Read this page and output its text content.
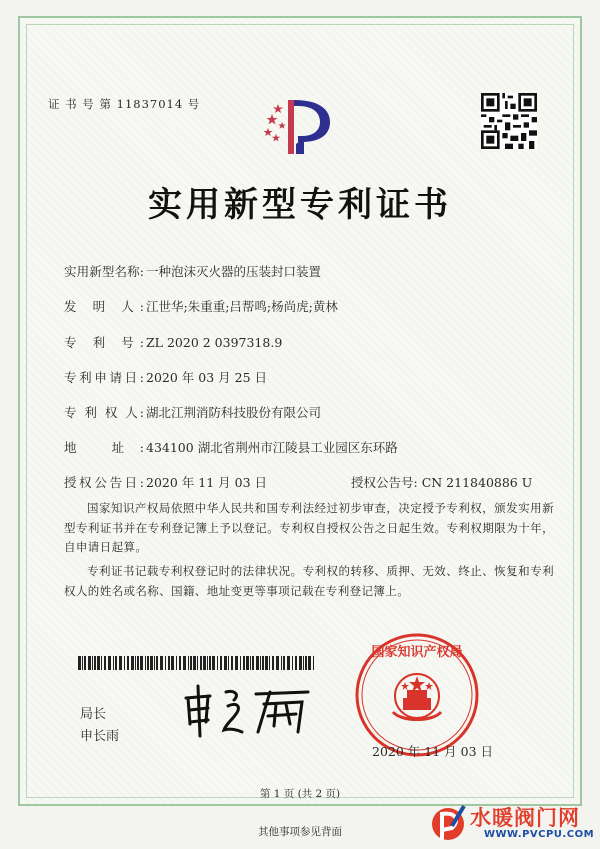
证 书 号 第 11837014 号
实用新型专利证书
实用新型名称: 一种泡沫灭火器的压装封口装置
发 明 人: 江世华;朱重重;吕帮鸣;杨尚虎;黄林
专 利 号: ZL 2020 2 0397318.9
专利申请日: 2020 年 03 月 25 日
专 利 权 人: 湖北江荆消防科技股份有限公司
地 址: 434100 湖北省荆州市江陵县工业园区东环路
授权公告日: 2020 年 11 月 03 日	授权公告号: CN 211840886 U
国家知识产权局依照中华人民共和国专利法经过初步审查，决定授予专利权，颁发实用新型专利证书并在专利登记簿上予以登记。专利权自授权公告之日起生效。专利权期限为十年，自申请日起算。
专利证书记载专利权登记时的法律状况。专利权的转移、质押、无效、终止、恢复和专利权人的姓名或名称、国籍、地址变更等事项记载在专利登记簿上。
局长
申长雨
国家知识产权局
2020 年 11 月 03 日
第 1 页 (共 2 页)
其他事项参见背面
水暖阀门网
WWW.PVCPU.COM
